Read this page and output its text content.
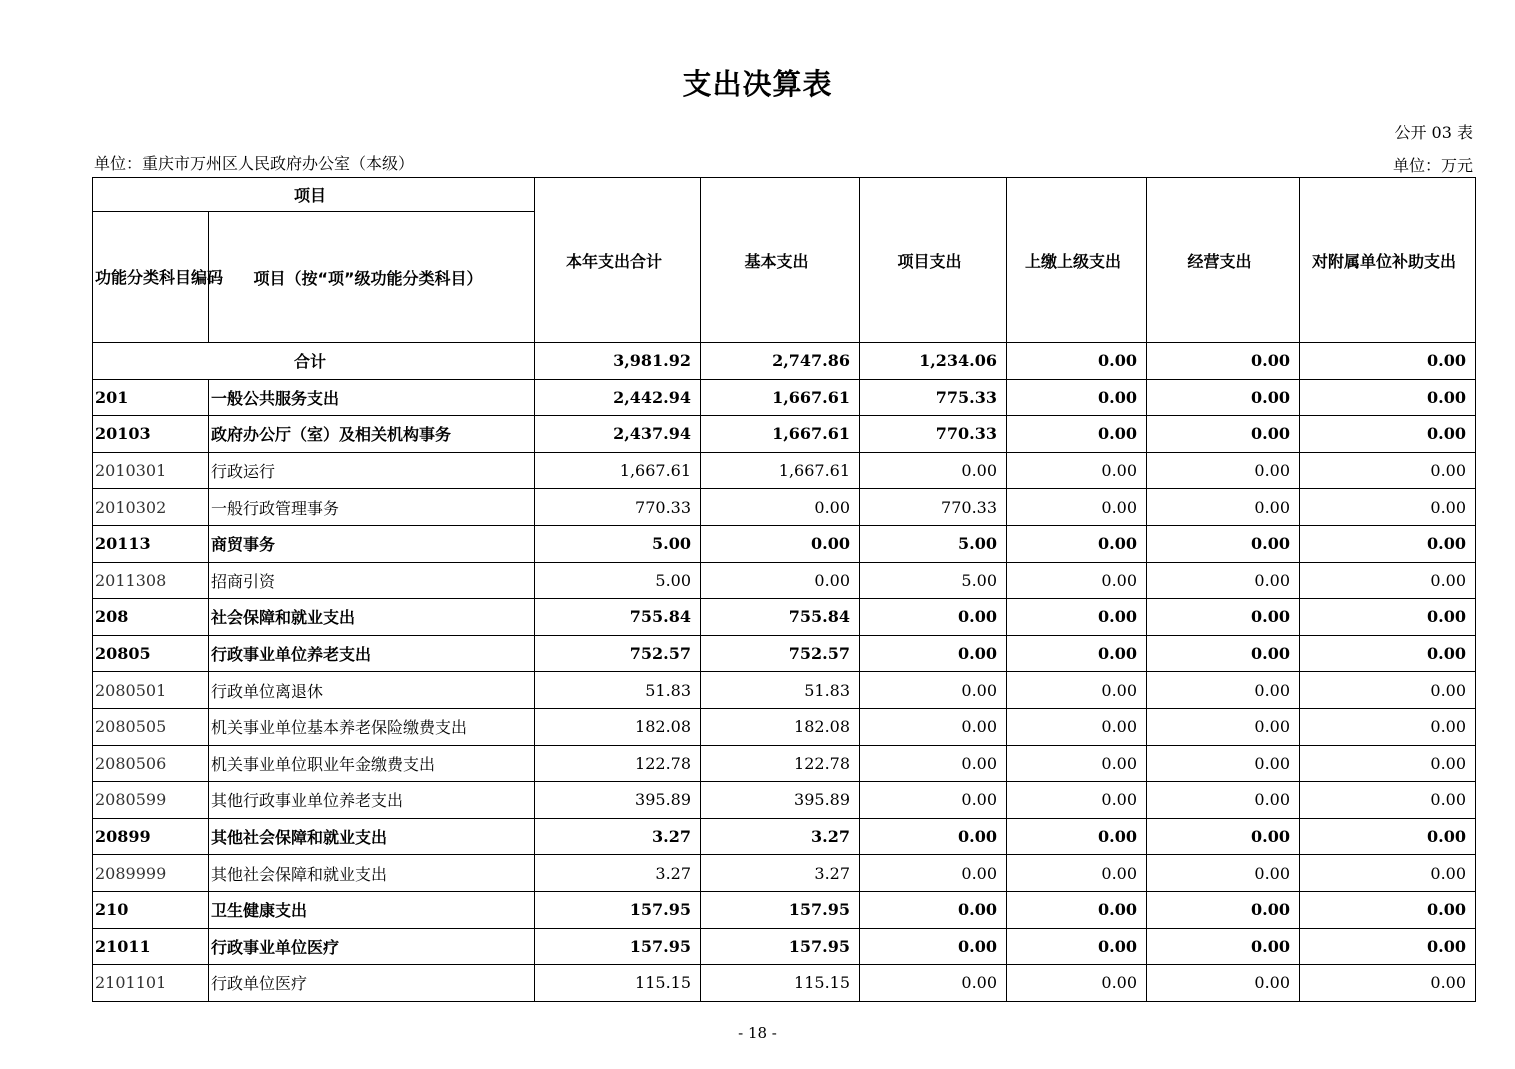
支出决算表
公开 03 表
单位：重庆市万州区人民政府办公室（本级）	单位：万元
项目		本年支出合计	基本支出	项目支出	上缴上级支出	经营支出	对附属单位补助支出
功能分类科目编码	项目（按“项”级功能分类科目）						
合计		3,981.92	2,747.86	1,234.06	0.00	0.00	0.00
201	一般公共服务支出	2,442.94	1,667.61	775.33	0.00	0.00	0.00
20103	政府办公厅（室）及相关机构事务	2,437.94	1,667.61	770.33	0.00	0.00	0.00
2010301	行政运行	1,667.61	1,667.61	0.00	0.00	0.00	0.00
2010302	一般行政管理事务	770.33	0.00	770.33	0.00	0.00	0.00
20113	商贸事务	5.00	0.00	5.00	0.00	0.00	0.00
2011308	招商引资	5.00	0.00	5.00	0.00	0.00	0.00
208	社会保障和就业支出	755.84	755.84	0.00	0.00	0.00	0.00
20805	行政事业单位养老支出	752.57	752.57	0.00	0.00	0.00	0.00
2080501	行政单位离退休	51.83	51.83	0.00	0.00	0.00	0.00
2080505	机关事业单位基本养老保险缴费支出	182.08	182.08	0.00	0.00	0.00	0.00
2080506	机关事业单位职业年金缴费支出	122.78	122.78	0.00	0.00	0.00	0.00
2080599	其他行政事业单位养老支出	395.89	395.89	0.00	0.00	0.00	0.00
20899	其他社会保障和就业支出	3.27	3.27	0.00	0.00	0.00	0.00
2089999	其他社会保障和就业支出	3.27	3.27	0.00	0.00	0.00	0.00
210	卫生健康支出	157.95	157.95	0.00	0.00	0.00	0.00
21011	行政事业单位医疗	157.95	157.95	0.00	0.00	0.00	0.00
2101101	行政单位医疗	115.15	115.15	0.00	0.00	0.00	0.00
- 18 -
